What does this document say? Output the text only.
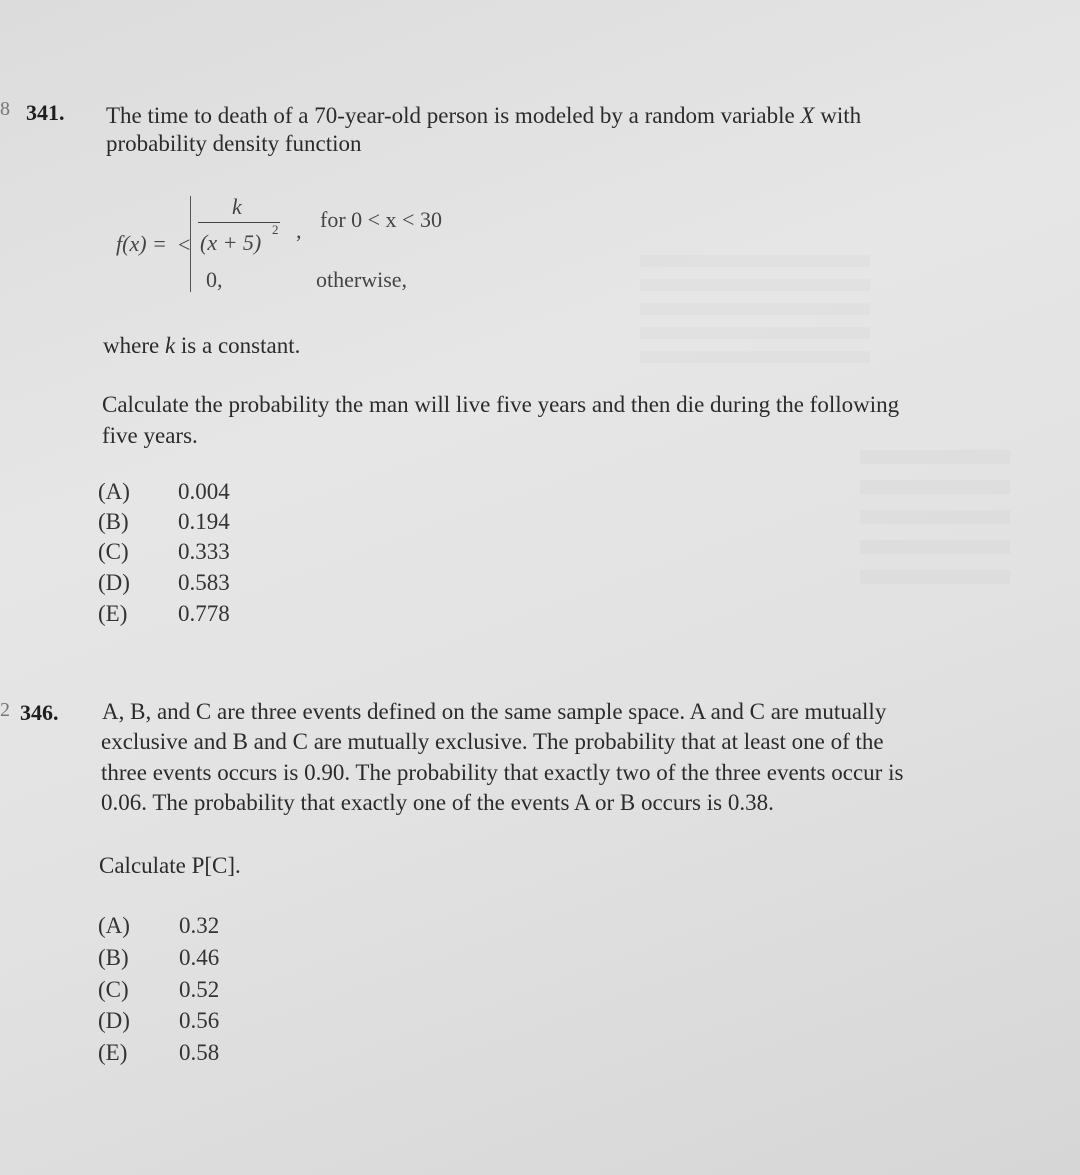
8 341. The time to death of a 70-year-old person is modeled by a random variable X with
probability density function
f(x) = <
k
(x + 5)
2 , for 0 < x < 30
0,	otherwise,
where k is a constant.
Calculate the probability the man will live five years and then die during the following
five years.
(A) 0.004
(B) 0.194
(C) 0.333
(D) 0.583
(E) 0.778
2 346. A, B, and C are three events defined on the same sample space. A and C are mutually
exclusive and B and C are mutually exclusive. The probability that at least one of the
three events occurs is 0.90. The probability that exactly two of the three events occur is
0.06. The probability that exactly one of the events A or B occurs is 0.38.
Calculate P[C].
(A) 0.32
(B) 0.46
(C) 0.52
(D) 0.56
(E) 0.58
